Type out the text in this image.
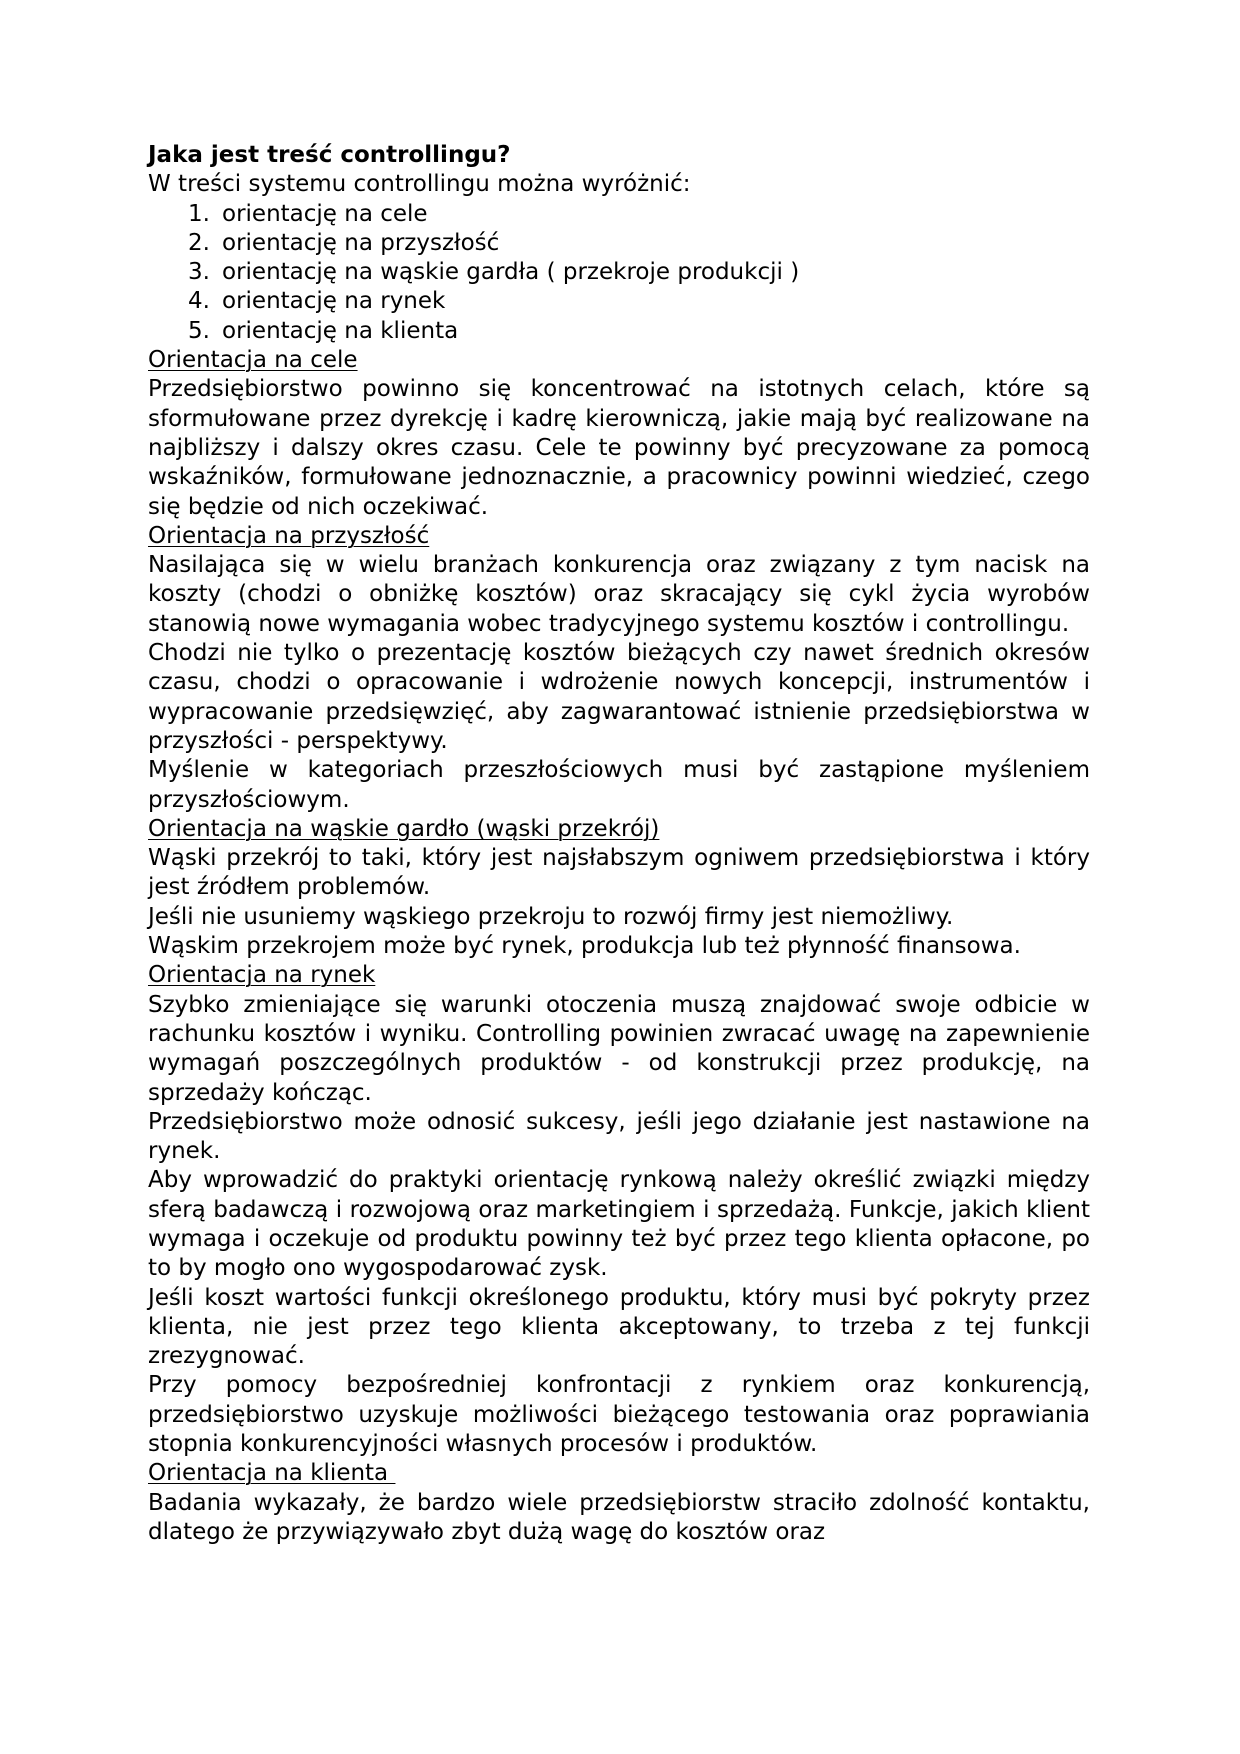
Jaka jest treść controllingu?

W treści systemu controllingu można wyróżnić:

1. orientację na cele
2. orientację na przyszłość
3. orientację na wąskie gardła ( przekroje produkcji )
4. orientację na rynek
5. orientację na klienta

Orientacja na cele

Przedsiębiorstwo powinno się koncentrować na istotnych celach, które są sformułowane przez dyrekcję i kadrę kierowniczą, jakie mają być realizowane na najbliższy i dalszy okres czasu. Cele te powinny być precyzowane za pomocą wskaźników, formułowane jednoznacznie, a pracownicy powinni wiedzieć, czego się będzie od nich oczekiwać.

Orientacja na przyszłość

Nasilająca się w wielu branżach konkurencja oraz związany z tym nacisk na koszty (chodzi o obniżkę kosztów) oraz skracający się cykl życia wyrobów stanowią nowe wymagania wobec tradycyjnego systemu kosztów i controllingu.

Chodzi nie tylko o prezentację kosztów bieżących czy nawet średnich okresów czasu, chodzi o opracowanie i wdrożenie nowych koncepcji, instrumentów i wypracowanie przedsięwzięć, aby zagwarantować istnienie przedsiębiorstwa w przyszłości - perspektywy.

Myślenie w kategoriach przeszłościowych musi być zastąpione myśleniem przyszłościowym.

Orientacja na wąskie gardło (wąski przekrój)

Wąski przekrój to taki, który jest najsłabszym ogniwem przedsiębiorstwa i który jest źródłem problemów.

Jeśli nie usuniemy wąskiego przekroju to rozwój firmy jest niemożliwy.

Wąskim przekrojem może być rynek, produkcja lub też płynność finansowa.

Orientacja na rynek

Szybko zmieniające się warunki otoczenia muszą znajdować swoje odbicie w rachunku kosztów i wyniku. Controlling powinien zwracać uwagę na zapewnienie wymagań poszczególnych produktów - od konstrukcji przez produkcję, na sprzedaży kończąc.

Przedsiębiorstwo może odnosić sukcesy, jeśli jego działanie jest nastawione na rynek.

Aby wprowadzić do praktyki orientację rynkową należy określić związki między sferą badawczą i rozwojową oraz marketingiem i sprzedażą. Funkcje, jakich klient wymaga i oczekuje od produktu powinny też być przez tego klienta opłacone, po to by mogło ono wygospodarować zysk.

Jeśli koszt wartości funkcji określonego produktu, który musi być pokryty przez klienta, nie jest przez tego klienta akceptowany, to trzeba z tej funkcji zrezygnować.

Przy pomocy bezpośredniej konfrontacji z rynkiem oraz konkurencją, przedsiębiorstwo uzyskuje możliwości bieżącego testowania oraz poprawiania stopnia konkurencyjności własnych procesów i produktów.

Orientacja na klienta

Badania wykazały, że bardzo wiele przedsiębiorstw straciło zdolność kontaktu, dlatego że przywiązywało zbyt dużą wagę do kosztów oraz
